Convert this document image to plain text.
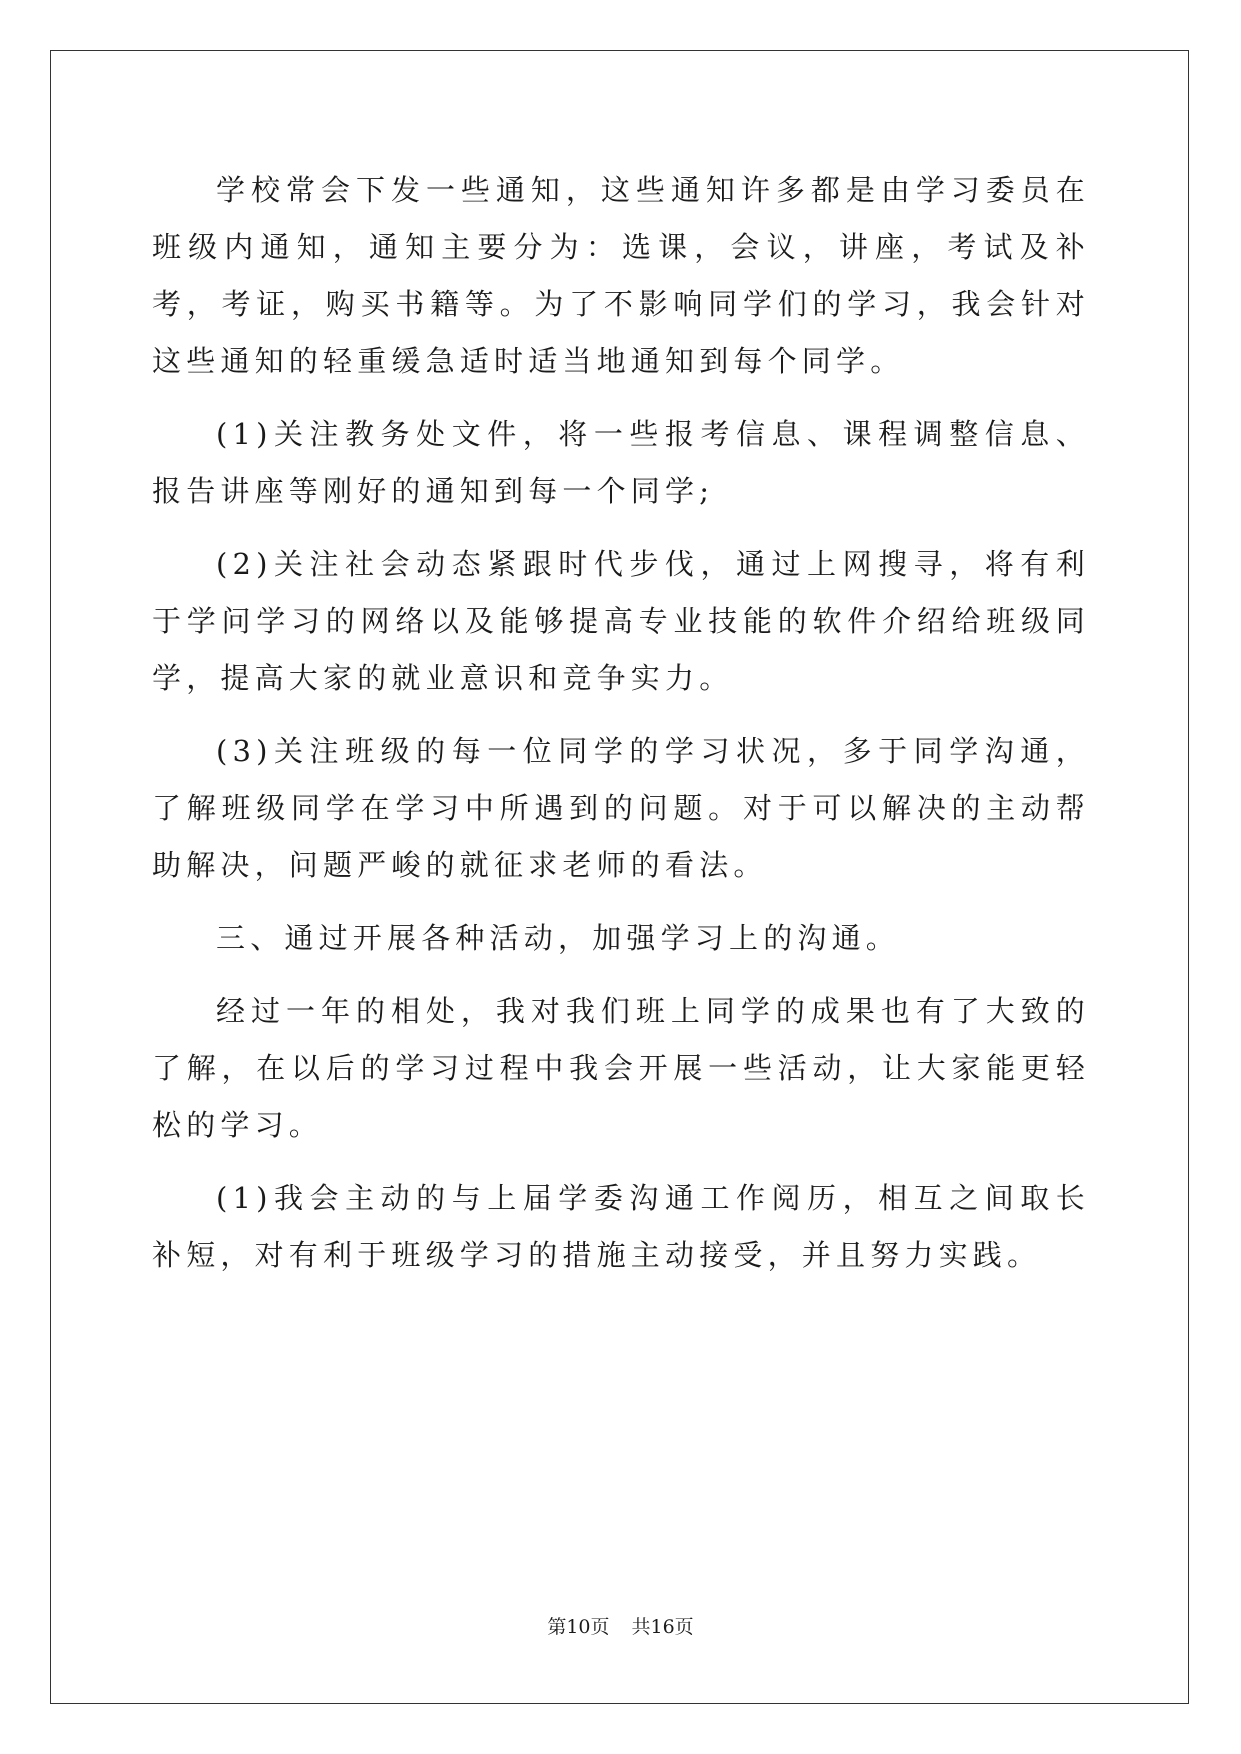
学校常会下发一些通知，这些通知许多都是由学习委员在班级内通知，通知主要分为：选课，会议，讲座，考试及补考，考证，购买书籍等。为了不影响同学们的学习，我会针对这些通知的轻重缓急适时适当地通知到每个同学。

(1)关注教务处文件，将一些报考信息、课程调整信息、报告讲座等刚好的通知到每一个同学;

(2)关注社会动态紧跟时代步伐，通过上网搜寻，将有利于学问学习的网络以及能够提高专业技能的软件介绍给班级同学，提高大家的就业意识和竞争实力。

(3)关注班级的每一位同学的学习状况，多于同学沟通，了解班级同学在学习中所遇到的问题。对于可以解决的主动帮助解决，问题严峻的就征求老师的看法。

三、通过开展各种活动，加强学习上的沟通。

经过一年的相处，我对我们班上同学的成果也有了大致的了解，在以后的学习过程中我会开展一些活动，让大家能更轻松的学习。

(1)我会主动的与上届学委沟通工作阅历，相互之间取长补短，对有利于班级学习的措施主动接受，并且努力实践。

第10页 共16页
